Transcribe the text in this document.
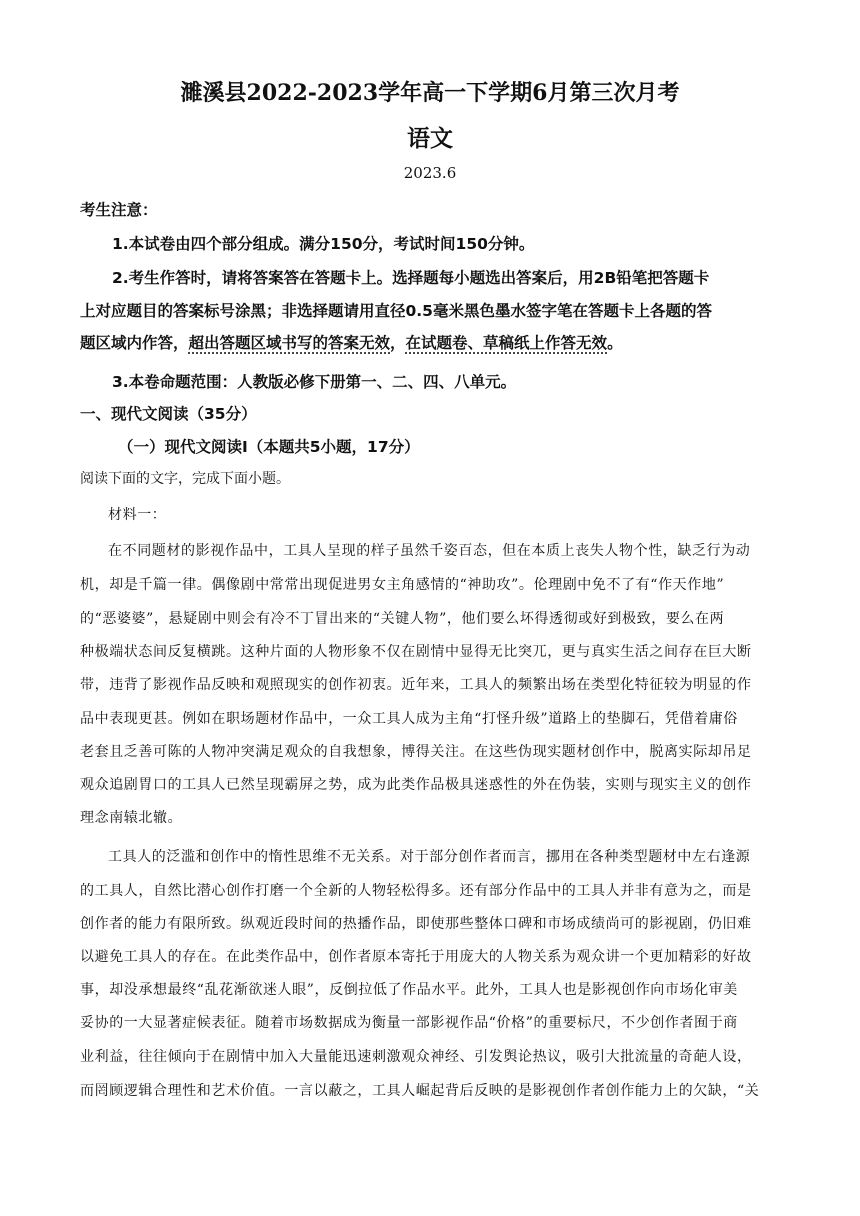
濉溪县2022-2023学年高一下学期6月第三次月考
语文
2023.6
考生注意：
1.本试卷由四个部分组成。满分150分，考试时间150分钟。
2.考生作答时，请将答案答在答题卡上。选择题每小题选出答案后，用2B铅笔把答题卡
上对应题目的答案标号涂黑；非选择题请用直径0.5毫米黑色墨水签字笔在答题卡上各题的答
题区域内作答，超出答题区域书写的答案无效，在试题卷、草稿纸上作答无效。
3.本卷命题范围：人教版必修下册第一、二、四、八单元。
一、现代文阅读（35分）
（一）现代文阅读Ⅰ（本题共5小题，17分）
阅读下面的文字，完成下面小题。
材料一：
在不同题材的影视作品中，工具人呈现的样子虽然千姿百态，但在本质上丧失人物个性，缺乏行为动
机，却是千篇一律。偶像剧中常常出现促进男女主角感情的“神助攻”。伦理剧中免不了有“作天作地”
的“恶婆婆”，悬疑剧中则会有冷不丁冒出来的“关键人物”，他们要么坏得透彻或好到极致，要么在两
种极端状态间反复横跳。这种片面的人物形象不仅在剧情中显得无比突兀，更与真实生活之间存在巨大断
带，违背了影视作品反映和观照现实的创作初衷。近年来，工具人的频繁出场在类型化特征较为明显的作
品中表现更甚。例如在职场题材作品中，一众工具人成为主角“打怪升级”道路上的垫脚石，凭借着庸俗
老套且乏善可陈的人物冲突满足观众的自我想象，博得关注。在这些伪现实题材创作中，脱离实际却吊足
观众追剧胃口的工具人已然呈现霸屏之势，成为此类作品极具迷惑性的外在伪装，实则与现实主义的创作
理念南辕北辙。
工具人的泛滥和创作中的惰性思维不无关系。对于部分创作者而言，挪用在各种类型题材中左右逢源
的工具人，自然比潜心创作打磨一个全新的人物轻松得多。还有部分作品中的工具人并非有意为之，而是
创作者的能力有限所致。纵观近段时间的热播作品，即使那些整体口碑和市场成绩尚可的影视剧，仍旧难
以避免工具人的存在。在此类作品中，创作者原本寄托于用庞大的人物关系为观众讲一个更加精彩的好故
事，却没承想最终“乱花渐欲迷人眼”，反倒拉低了作品水平。此外，工具人也是影视创作向市场化审美
妥协的一大显著症候表征。随着市场数据成为衡量一部影视作品“价格”的重要标尺，不少创作者囿于商
业利益，往往倾向于在剧情中加入大量能迅速刺激观众神经、引发舆论热议，吸引大批流量的奇葩人设，
而罔顾逻辑合理性和艺术价值。一言以蔽之，工具人崛起背后反映的是影视创作者创作能力上的欠缺，“关
